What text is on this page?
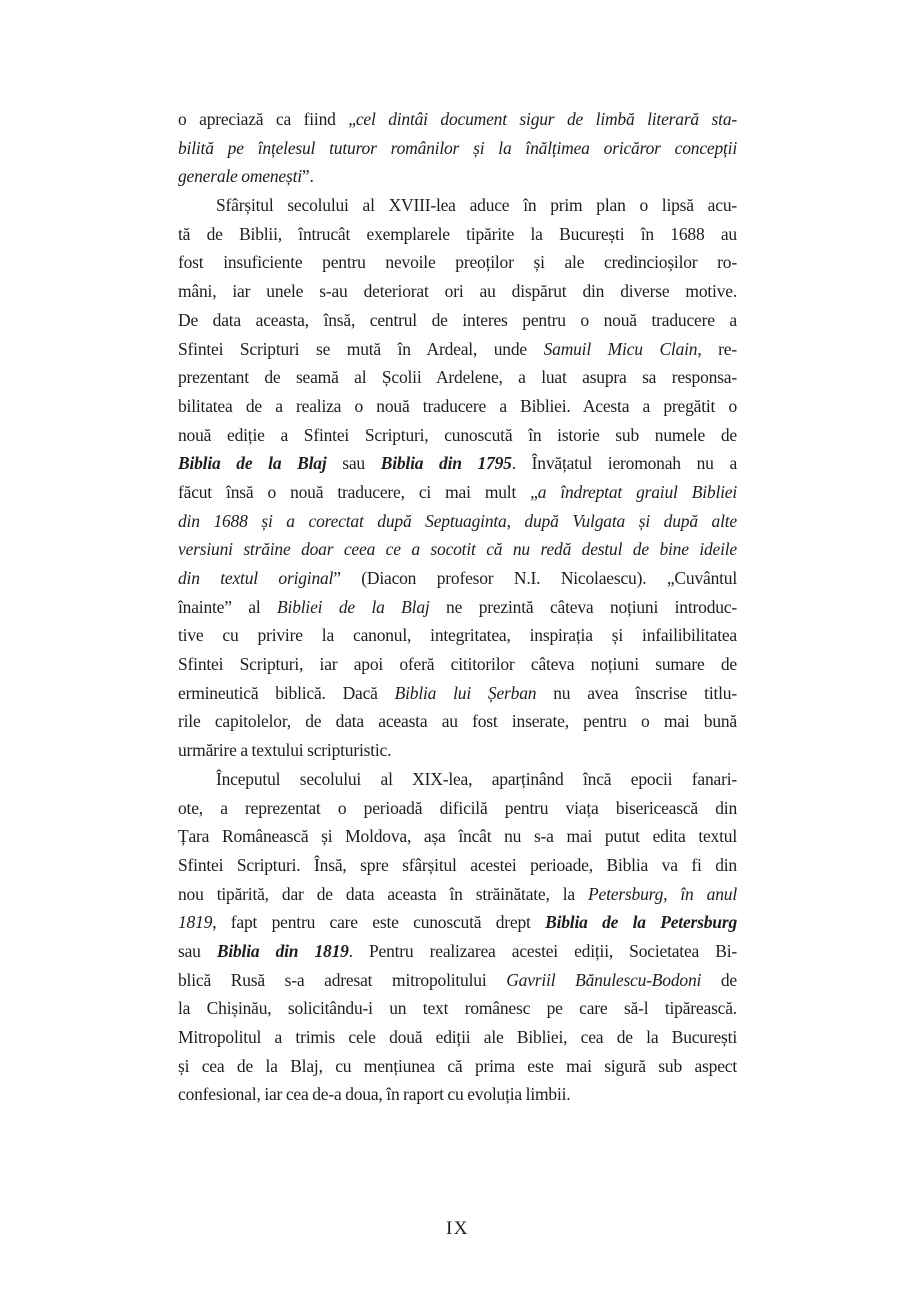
o apreciază ca fiind „cel dintâi document sigur de limbă literară sta-
bilită pe înțelesul tuturor românilor și la înălțimea oricăror concepții
generale omenești”.
Sfârșitul secolului al XVIII-lea aduce în prim plan o lipsă acu-
tă de Biblii, întrucât exemplarele tipărite la București în 1688 au
fost insuficiente pentru nevoile preoților și ale credincioșilor ro-
mâni, iar unele s-au deteriorat ori au dispărut din diverse motive.
De data aceasta, însă, centrul de interes pentru o nouă traducere a
Sfintei Scripturi se mută în Ardeal, unde Samuil Micu Clain, re-
prezentant de seamă al Școlii Ardelene, a luat asupra sa responsa-
bilitatea de a realiza o nouă traducere a Bibliei. Acesta a pregătit o
nouă ediție a Sfintei Scripturi, cunoscută în istorie sub numele de
Biblia de la Blaj sau Biblia din 1795. Învățatul ieromonah nu a
făcut însă o nouă traducere, ci mai mult „a îndreptat graiul Bibliei
din 1688 și a corectat după Septuaginta, după Vulgata și după alte
versiuni străine doar ceea ce a socotit că nu redă destul de bine ideile
din textul original” (Diacon profesor N.I. Nicolaescu). „Cuvântul
înainte” al Bibliei de la Blaj ne prezintă câteva noțiuni introduc-
tive cu privire la canonul, integritatea, inspirația și infailibilitatea
Sfintei Scripturi, iar apoi oferă cititorilor câteva noțiuni sumare de
ermineutică biblică. Dacă Biblia lui Șerban nu avea înscrise titlu-
rile capitolelor, de data aceasta au fost inserate, pentru o mai bună
urmărire a textului scripturistic.
Începutul secolului al XIX-lea, aparținând încă epocii fanari-
ote, a reprezentat o perioadă dificilă pentru viața bisericească din
Țara Românească și Moldova, așa încât nu s-a mai putut edita textul
Sfintei Scripturi. Însă, spre sfârșitul acestei perioade, Biblia va fi din
nou tipărită, dar de data aceasta în străinătate, la Petersburg, în anul
1819, fapt pentru care este cunoscută drept Biblia de la Petersburg
sau Biblia din 1819. Pentru realizarea acestei ediții, Societatea Bi-
blică Rusă s-a adresat mitropolitului Gavriil Bănulescu-Bodoni de
la Chișinău, solicitându-i un text românesc pe care să-l tipărească.
Mitropolitul a trimis cele două ediții ale Bibliei, cea de la București
și cea de la Blaj, cu mențiunea că prima este mai sigură sub aspect
confesional, iar cea de-a doua, în raport cu evoluția limbii.
IX
